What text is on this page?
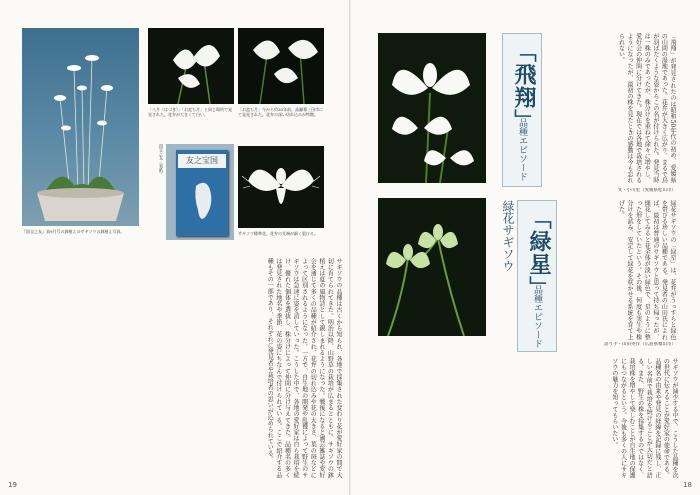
『国宝之友』表9月号の鉢植えのサギソウの鉢植え写真。
「八月（はづき）」「お盆ち月」と同じ場所で発見された。花弁が大きくて白い。
「お盆ち月」今から約30年前、高瀬幕三田市にて発見された。花弁の深い切れ込みが特徴。
友之宝国
国宝之友（表紙）
サギソウ標準花。花弁の先端が細く裂ける。
サギソウの品種は古くから知られ、各地で採集された変わり花が愛好家の間で大切に育てられてきた。明治以降、山野草の栽培が広まるとともに、サギソウの鉢植えは夏の風物詩として親しまれるようになった。戦後になると園芸雑誌や愛好会を通じて多くの品種が紹介され、花弁の切れ込みや花の大きさ、葉の斑などによって区別されるようになった。一方で、自生地の開発や乱獲によって野生のサギソウは急速に姿を消していった。こうした中で、各地の愛好家は自ら栽培を続け、優れた個体を選抜し、株分けによって仲間に分け与えてきた。品種名の多くは発見された地名や季節、花の姿にちなんで付けられている。ここで紹介する品種もその一部であり、それぞれに発見者や栽培者の思いが込められている。
19
「飛翔」
品種エピソード	「飛翔」が発見されたのは昭和50年代の初め、愛媛県の山間の湿地であった。花弁が大きく広がり、まるで鳥が羽ばたくような姿からこの名が付けられた。発見当時は一株のみであったが、株分けを重ねて徐々に増やし、愛好会の仲間に分けてきた。現在では各地で栽培されるようになったが、最初の株を見たときの感動は今も忘れられない。
文・小川里（愛媛県松山市）
緑花サギソウ 「緑星」
品種エピソード	緑花サギソウの「緑星」は、花弁がうっすらと緑色を帯びる珍しい品種である。発見者の山田氏によれば、最初は普通のサギソウと思って持ち帰ったが、開花してみると花全体が淡い緑色で、星のように整った形をしていたという。その後、何度も実生や株分けを試み、安定して緑花を咲かせる系統を育て上げた。
語り手・山田英作（広島県福山市）
サギソウが減少する中で、こうした品種を次の世代に伝えることが愛好家の使命である。品種名の由来や発見の経緯を記録に残し、正しい名前で栽培を続けることが大切だと語る。また、野生の株を採集するのではなく、栽培株を増やして楽しむことが自生地の保護にもつながるという。今後も多くの人にサギソウの魅力を知ってもらいたい。
18
